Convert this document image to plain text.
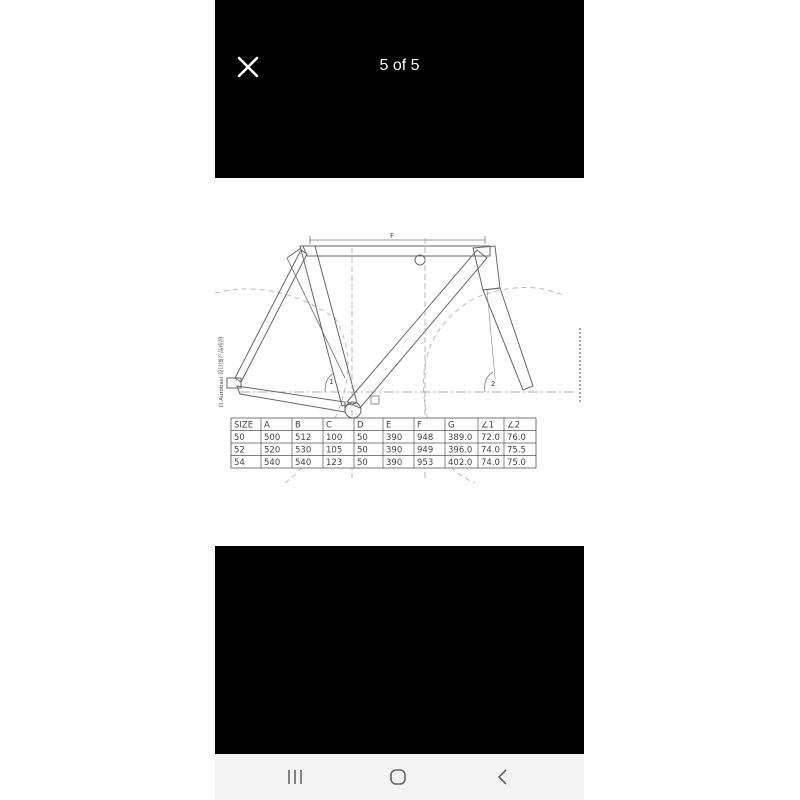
5 of 5
F
2
1
自 Aurobasi 设计图产品检测
SIZE A	B	C	D	E	F	G	∠1 ∠2
50 500 512 100 50 390 948 389.0 72.0 76.0
52 520 530 105 50 390 949 396.0 74.0 75.5
54 540 540 123 50 390 953 402.0 74.0 75.0
